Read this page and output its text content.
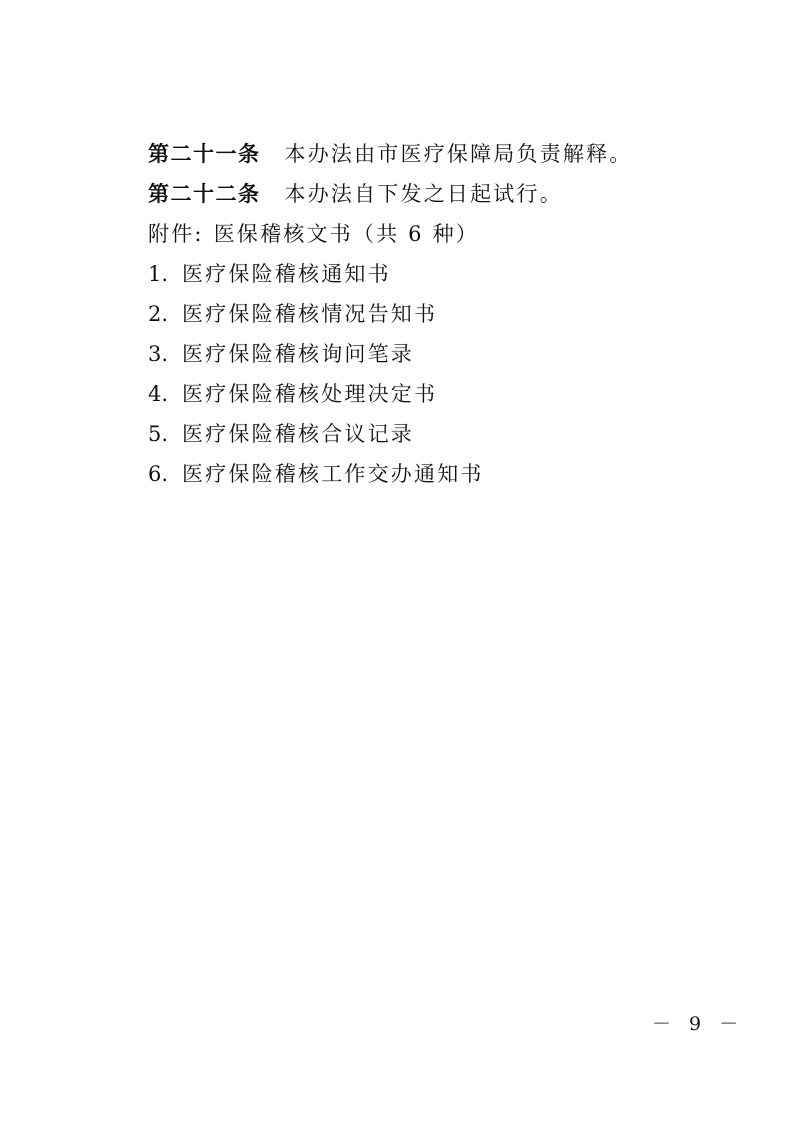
第二十一条 本办法由市医疗保障局负责解释。
第二十二条 本办法自下发之日起试行。
附件: 医保稽核文书（共 6 种）
1. 医疗保险稽核通知书
2. 医疗保险稽核情况告知书
3. 医疗保险稽核询问笔录
4. 医疗保险稽核处理决定书
5. 医疗保险稽核合议记录
6. 医疗保险稽核工作交办通知书
－ 9 －
